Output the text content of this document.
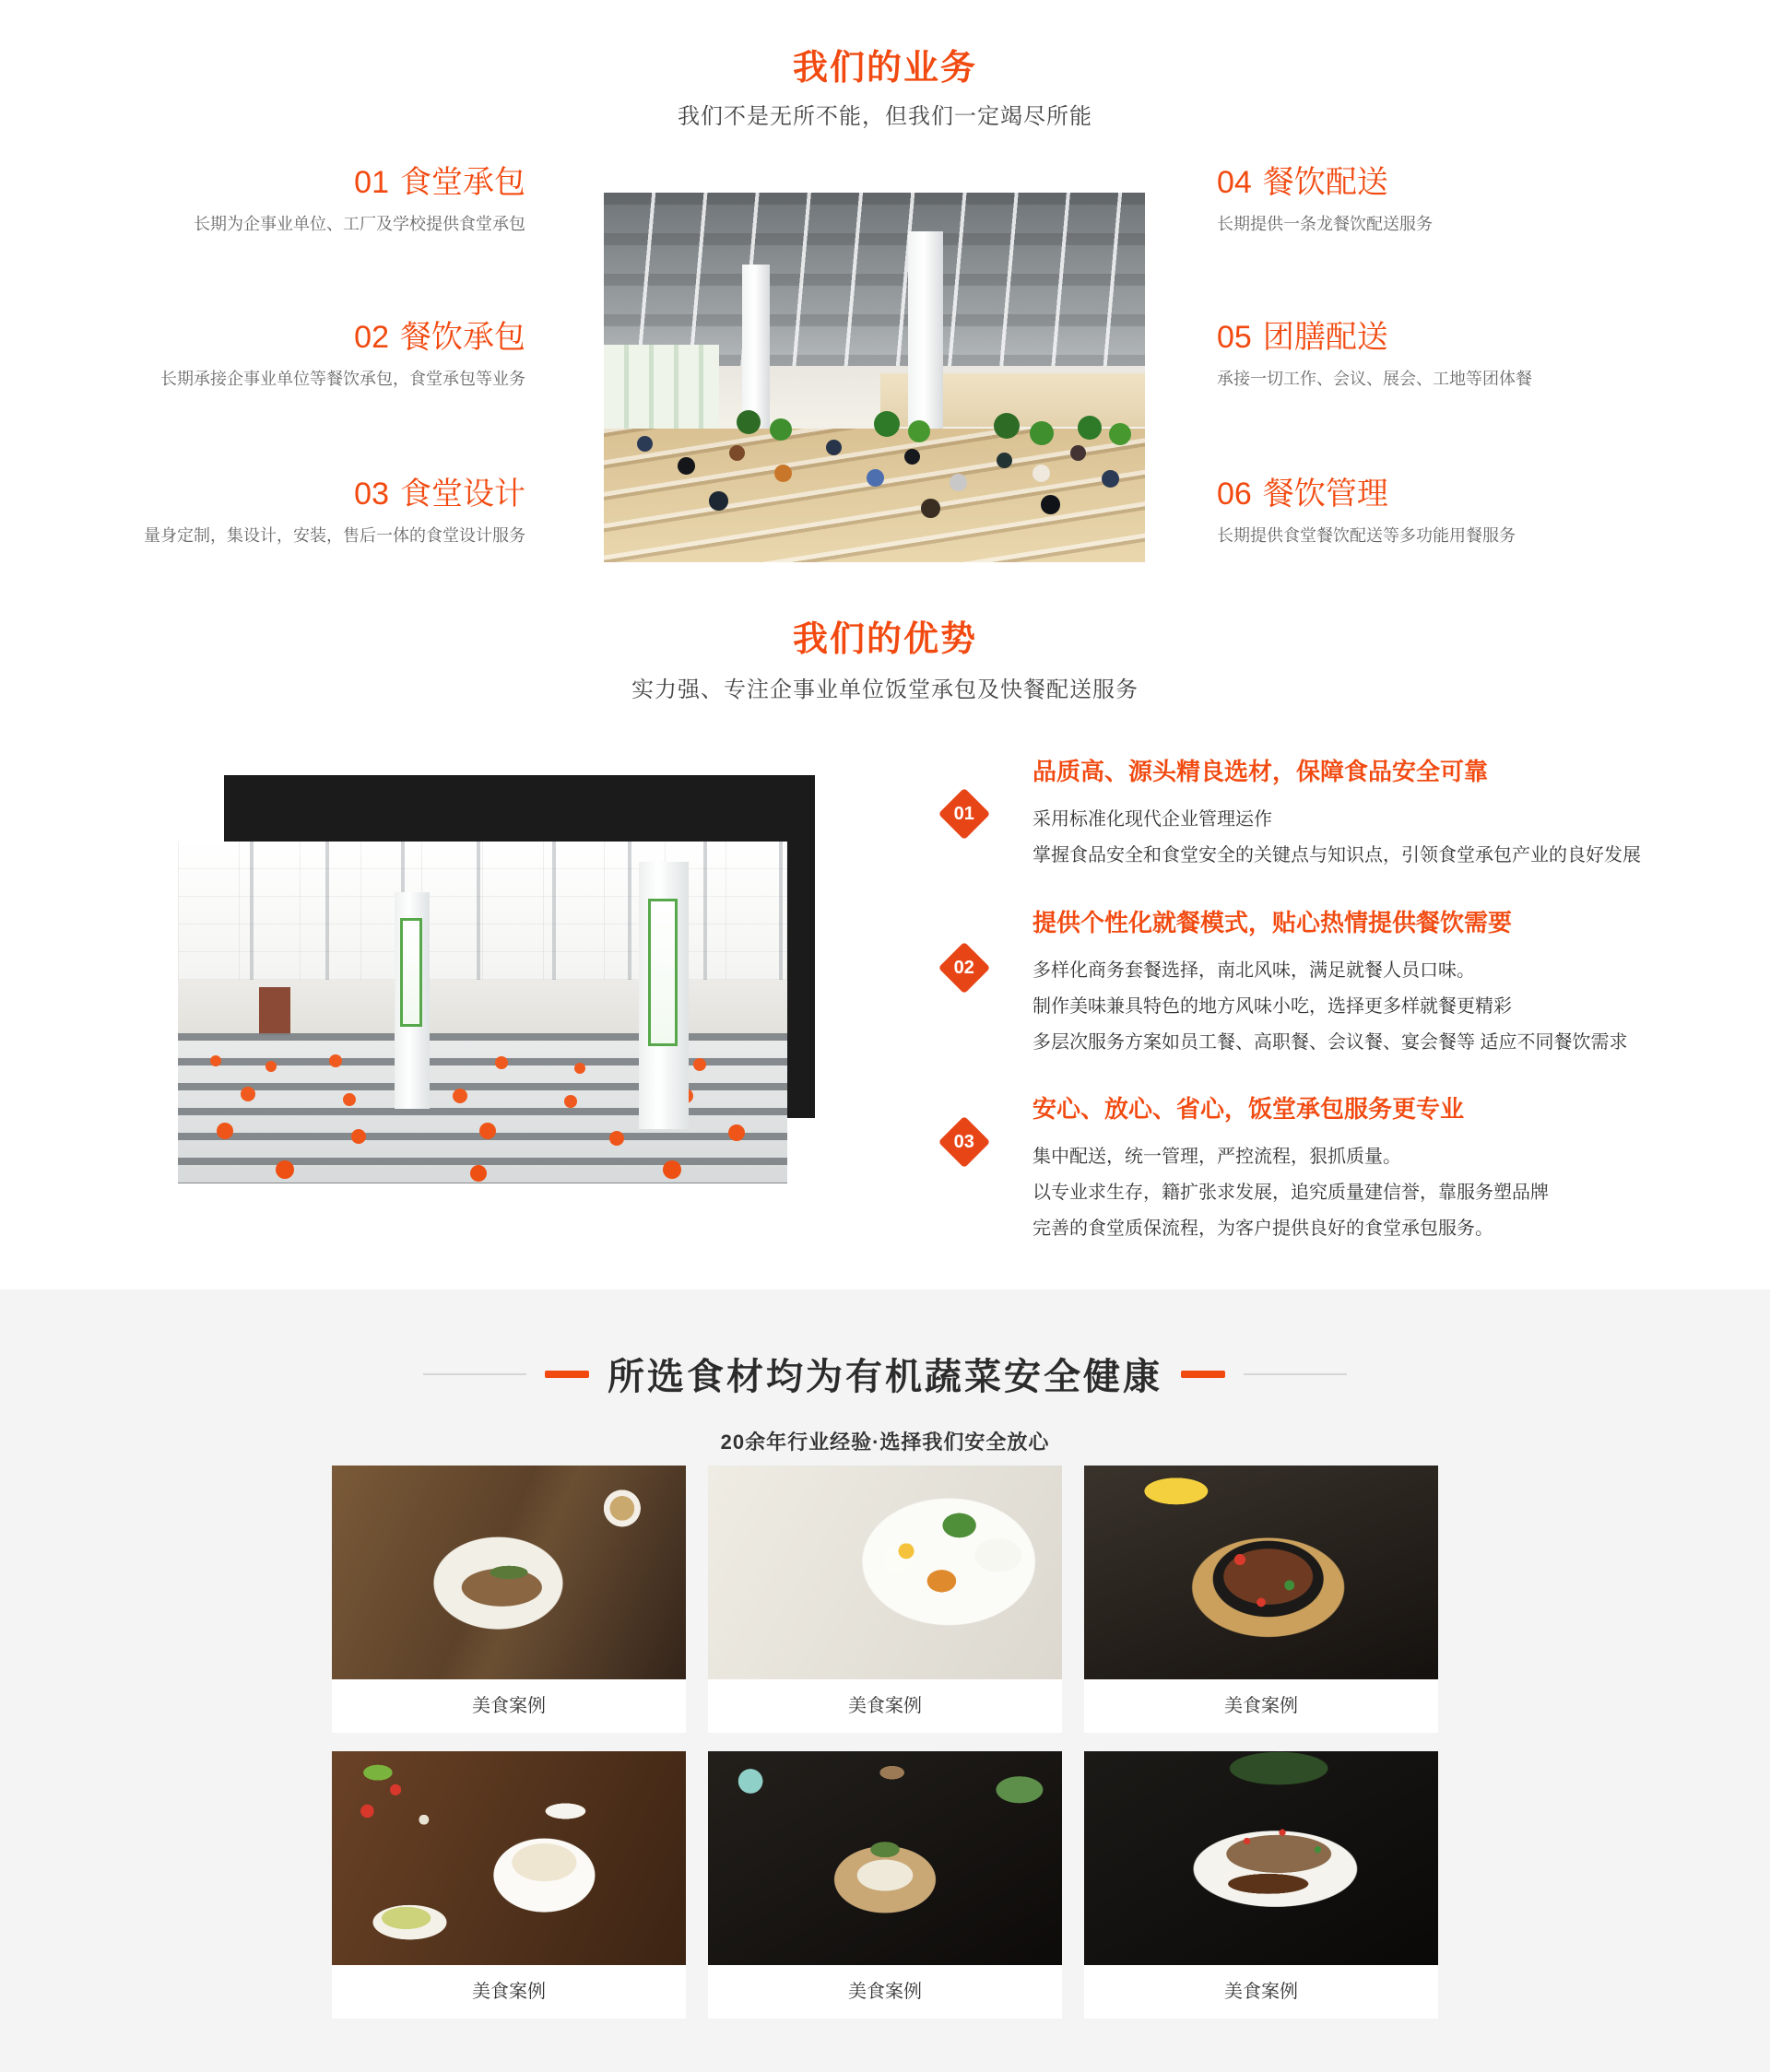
我们的业务
我们不是无所不能，但我们一定竭尽所能
01 食堂承包
长期为企事业单位、工厂及学校提供食堂承包
02 餐饮承包
长期承接企事业单位等餐饮承包，食堂承包等业务
03 食堂设计
量身定制，集设计，安装，售后一体的食堂设计服务
04 餐饮配送
长期提供一条龙餐饮配送服务
05 团膳配送
承接一切工作、会议、展会、工地等团体餐
06 餐饮管理
长期提供食堂餐饮配送等多功能用餐服务
我们的优势
实力强、专注企事业单位饭堂承包及快餐配送服务
01
品质高、源头精良选材，保障食品安全可靠
采用标准化现代企业管理运作
掌握食品安全和食堂安全的关键点与知识点，引领食堂承包产业的良好发展
02
提供个性化就餐模式，贴心热情提供餐饮需要
多样化商务套餐选择，南北风味，满足就餐人员口味。
制作美味兼具特色的地方风味小吃，选择更多样就餐更精彩
多层次服务方案如员工餐、高职餐、会议餐、宴会餐等 适应不同餐饮需求
03
安心、放心、省心，饭堂承包服务更专业
集中配送，统一管理，严控流程，狠抓质量。
以专业求生存，籍扩张求发展，追究质量建信誉，靠服务塑品牌
完善的食堂质保流程，为客户提供良好的食堂承包服务。
所选食材均为有机蔬菜安全健康
20余年行业经验·选择我们安全放心
美食案例	美食案例	美食案例
美食案例	美食案例	美食案例
